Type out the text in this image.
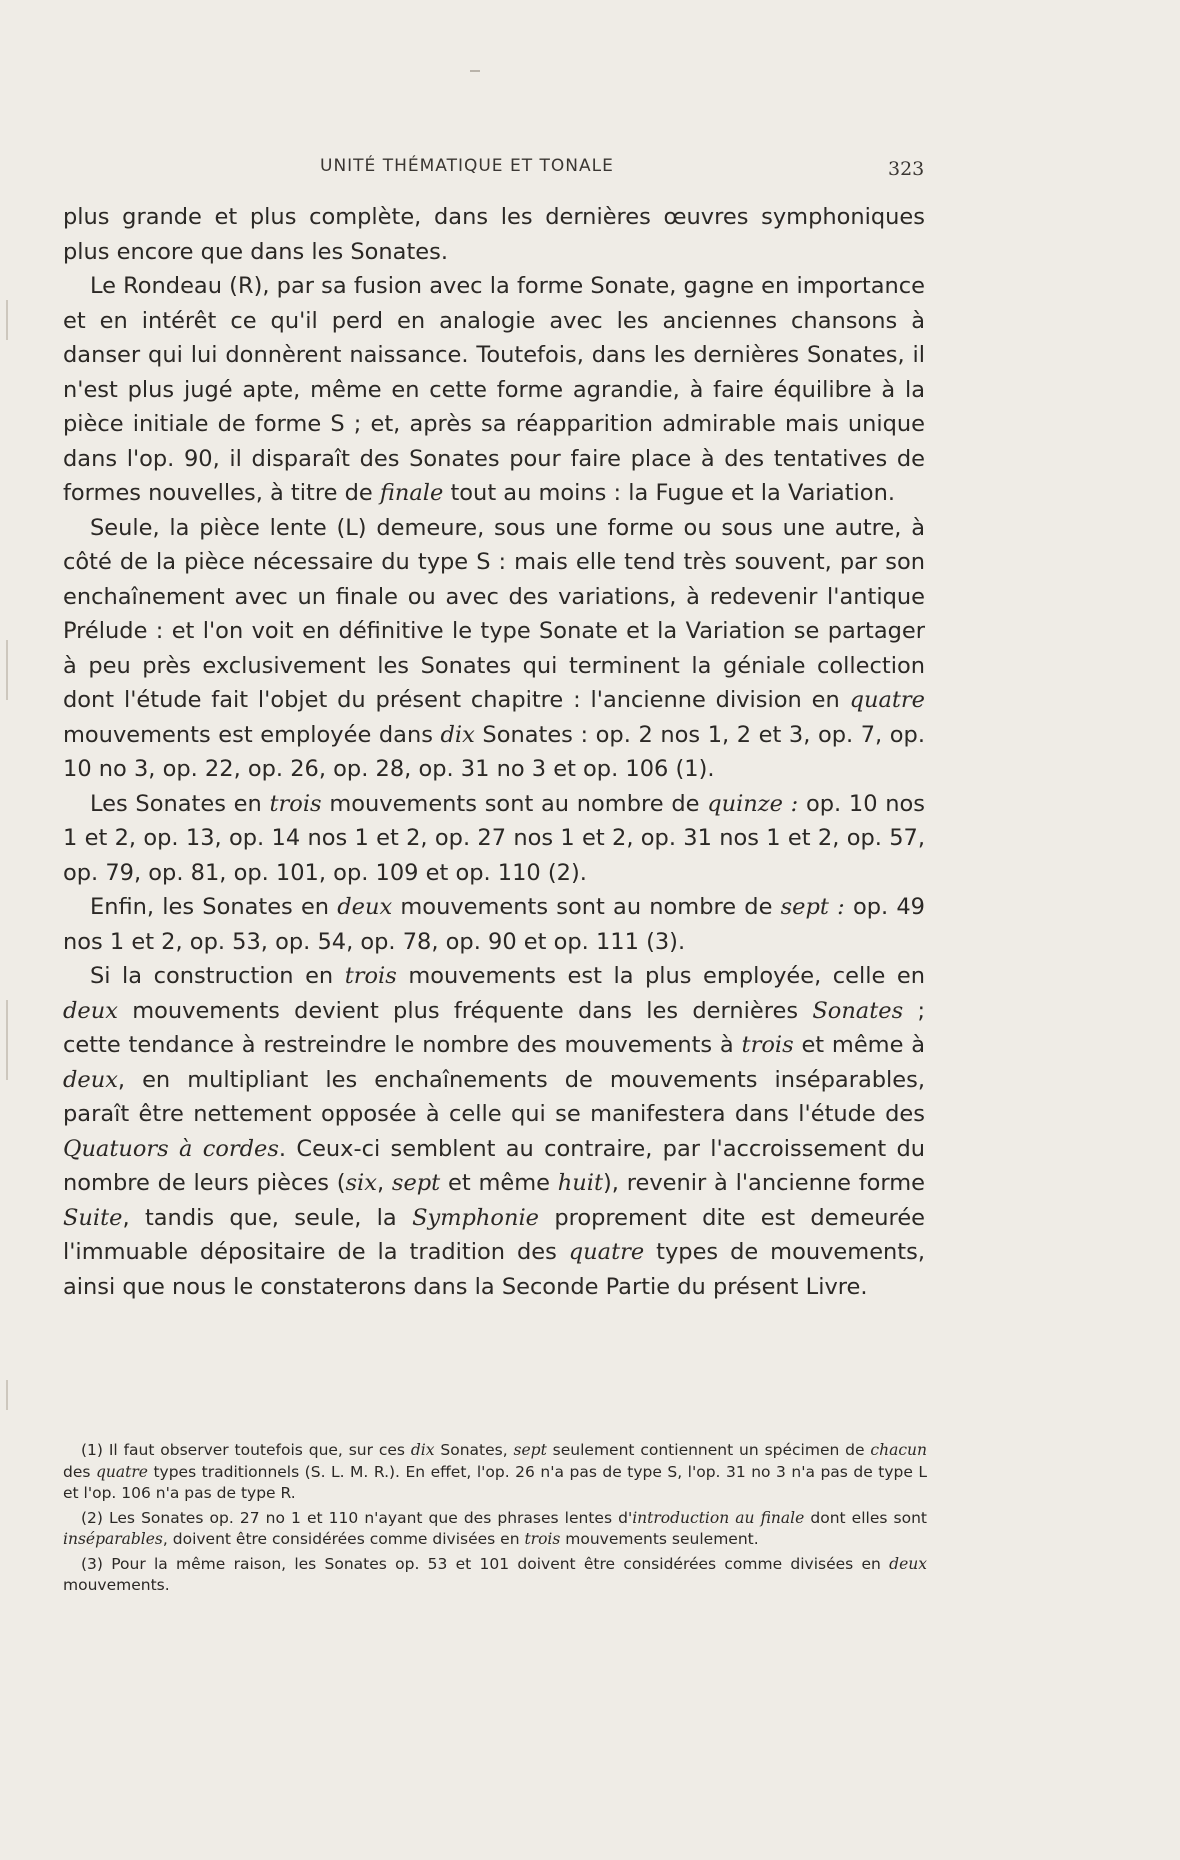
UNITÉ THÉMATIQUE ET TONALE	323

plus grande et plus complète, dans les dernières œuvres symphoniques plus encore que dans les Sonates.

Le Rondeau (R), par sa fusion avec la forme Sonate, gagne en importance et en intérêt ce qu'il perd en analogie avec les anciennes chansons à danser qui lui donnèrent naissance. Toutefois, dans les dernières Sonates, il n'est plus jugé apte, même en cette forme agrandie, à faire équilibre à la pièce initiale de forme S ; et, après sa réapparition admirable mais unique dans l'op. 90, il disparaît des Sonates pour faire place à des tentatives de formes nouvelles, à titre de finale tout au moins : la Fugue et la Variation.

Seule, la pièce lente (L) demeure, sous une forme ou sous une autre, à côté de la pièce nécessaire du type S : mais elle tend très souvent, par son enchaînement avec un finale ou avec des variations, à redevenir l'antique Prélude : et l'on voit en définitive le type Sonate et la Variation se partager à peu près exclusivement les Sonates qui terminent la géniale collection dont l'étude fait l'objet du présent chapitre : l'ancienne division en quatre mouvements est employée dans dix Sonates : op. 2 nos 1, 2 et 3, op. 7, op. 10 no 3, op. 22, op. 26, op. 28, op. 31 no 3 et op. 106 (1).

Les Sonates en trois mouvements sont au nombre de quinze : op. 10 nos 1 et 2, op. 13, op. 14 nos 1 et 2, op. 27 nos 1 et 2, op. 31 nos 1 et 2, op. 57, op. 79, op. 81, op. 101, op. 109 et op. 110 (2).

Enfin, les Sonates en deux mouvements sont au nombre de sept : op. 49 nos 1 et 2, op. 53, op. 54, op. 78, op. 90 et op. 111 (3).

Si la construction en trois mouvements est la plus employée, celle en deux mouvements devient plus fréquente dans les dernières Sonates ; cette tendance à restreindre le nombre des mouvements à trois et même à deux, en multipliant les enchaînements de mouvements inséparables, paraît être nettement opposée à celle qui se manifestera dans l'étude des Quatuors à cordes. Ceux-ci semblent au contraire, par l'accroissement du nombre de leurs pièces (six, sept et même huit), revenir à l'ancienne forme Suite, tandis que, seule, la Symphonie proprement dite est demeurée l'immuable dépositaire de la tradition des quatre types de mouvements, ainsi que nous le constaterons dans la Seconde Partie du présent Livre.

(1) Il faut observer toutefois que, sur ces dix Sonates, sept seulement contiennent un spécimen de chacun des quatre types traditionnels (S. L. M. R.). En effet, l'op. 26 n'a pas de type S, l'op. 31 no 3 n'a pas de type L et l'op. 106 n'a pas de type R.

(2) Les Sonates op. 27 no 1 et 110 n'ayant que des phrases lentes d'introduction au finale dont elles sont inséparables, doivent être considérées comme divisées en trois mouvements seulement.

(3) Pour la même raison, les Sonates op. 53 et 101 doivent être considérées comme divisées en deux mouvements.
